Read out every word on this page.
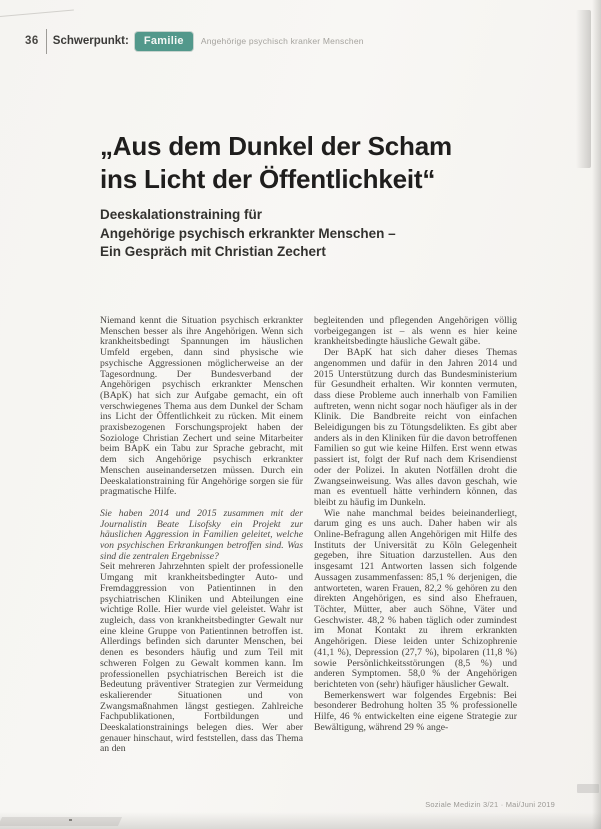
36 Schwerpunkt:	Familie	Angehörige psychisch kranker Menschen
„Aus dem Dunkel der Scham
ins Licht der Öffentlichkeit“
Deeskalationstraining für
Angehörige psychisch erkrankter Menschen –
Ein Gespräch mit Christian Zechert

Niemand kennt die Situation psychisch erkrankter Menschen besser als ihre Angehörigen. Wenn sich krankheitsbedingt Spannungen im häuslichen Umfeld ergeben, dann sind physische wie psychische Aggressionen möglicherweise an der Tagesordnung. Der Bundesverband der Angehörigen psychisch erkrankter Menschen (BApK) hat sich zur Aufgabe gemacht, ein oft verschwiegenes Thema aus dem Dunkel der Scham ins Licht der Öffentlichkeit zu rücken. Mit einem praxisbezogenen Forschungsprojekt haben der Soziologe Christian Zechert und seine Mitarbeiter beim BApK ein Tabu zur Sprache gebracht, mit dem sich Angehörige psychisch erkrankter Menschen auseinandersetzen müssen. Durch ein Deeskalationstraining für Angehörige sorgen sie für pragmatische Hilfe.

Sie haben 2014 und 2015 zusammen mit der Journalistin Beate Lisofsky ein Projekt zur häuslichen Aggression in Familien geleitet, welche von psychischen Erkrankungen betroffen sind. Was sind die zentralen Ergebnisse?

Seit mehreren Jahrzehnten spielt der professionelle Umgang mit krankheitsbedingter Auto- und Fremdaggression von Patientinnen in den psychiatrischen Kliniken und Abteilungen eine wichtige Rolle. Hier wurde viel geleistet. Wahr ist zugleich, dass von krankheitsbedingter Gewalt nur eine kleine Gruppe von Patientinnen betroffen ist. Allerdings befinden sich darunter Menschen, bei denen es besonders häufig und zum Teil mit schweren Folgen zu Gewalt kommen kann. Im professionellen psychiatrischen Bereich ist die Bedeutung präventiver Strategien zur Vermeidung eskalierender Situationen und von Zwangsmaßnahmen längst gestiegen. Zahlreiche Fachpublikationen, Fortbildungen und Deeskalationstrainings belegen dies. Wer aber genauer hinschaut, wird feststellen, dass das Thema an den

begleitenden und pflegenden Angehörigen völlig vorbeigegangen ist – als wenn es hier keine krankheitsbedingte häusliche Gewalt gäbe.

Der BApK hat sich daher dieses Themas angenommen und dafür in den Jahren 2014 und 2015 Unterstützung durch das Bundesministerium für Gesundheit erhalten. Wir konnten vermuten, dass diese Probleme auch innerhalb von Familien auftreten, wenn nicht sogar noch häufiger als in der Klinik. Die Bandbreite reicht von einfachen Beleidigungen bis zu Tötungsdelikten. Es gibt aber anders als in den Kliniken für die davon betroffenen Familien so gut wie keine Hilfen. Erst wenn etwas passiert ist, folgt der Ruf nach dem Krisendienst oder der Polizei. In akuten Notfällen droht die Zwangseinweisung. Was alles davon geschah, wie man es eventuell hätte verhindern können, das bleibt zu häufig im Dunkeln.

Wie nahe manchmal beides beieinanderliegt, darum ging es uns auch. Daher haben wir als Online-Befragung allen Angehörigen mit Hilfe des Instituts der Universität zu Köln Gelegenheit gegeben, ihre Situation darzustellen. Aus den insgesamt 121 Antworten lassen sich folgende Aussagen zusammenfassen: 85,1 % derjenigen, die antworteten, waren Frauen, 82,2 % gehören zu den direkten Angehörigen, es sind also Ehefrauen, Töchter, Mütter, aber auch Söhne, Väter und Geschwister. 48,2 % haben täglich oder zumindest im Monat Kontakt zu ihrem erkrankten Angehörigen. Diese leiden unter Schizophrenie (41,1 %), Depression (27,7 %), bipolaren (11,8 %) sowie Persönlichkeitsstörungen (8,5 %) und anderen Symptomen. 58,0 % der Angehörigen berichteten von (sehr) häufiger häuslicher Gewalt.

Bemerkenswert war folgendes Ergebnis: Bei besonderer Bedrohung holten 35 % professionelle Hilfe, 46 % entwickelten eine eigene Strategie zur Bewältigung, während 29 % ange-

Soziale Medizin 3/21 · Mai/Juni 2019
